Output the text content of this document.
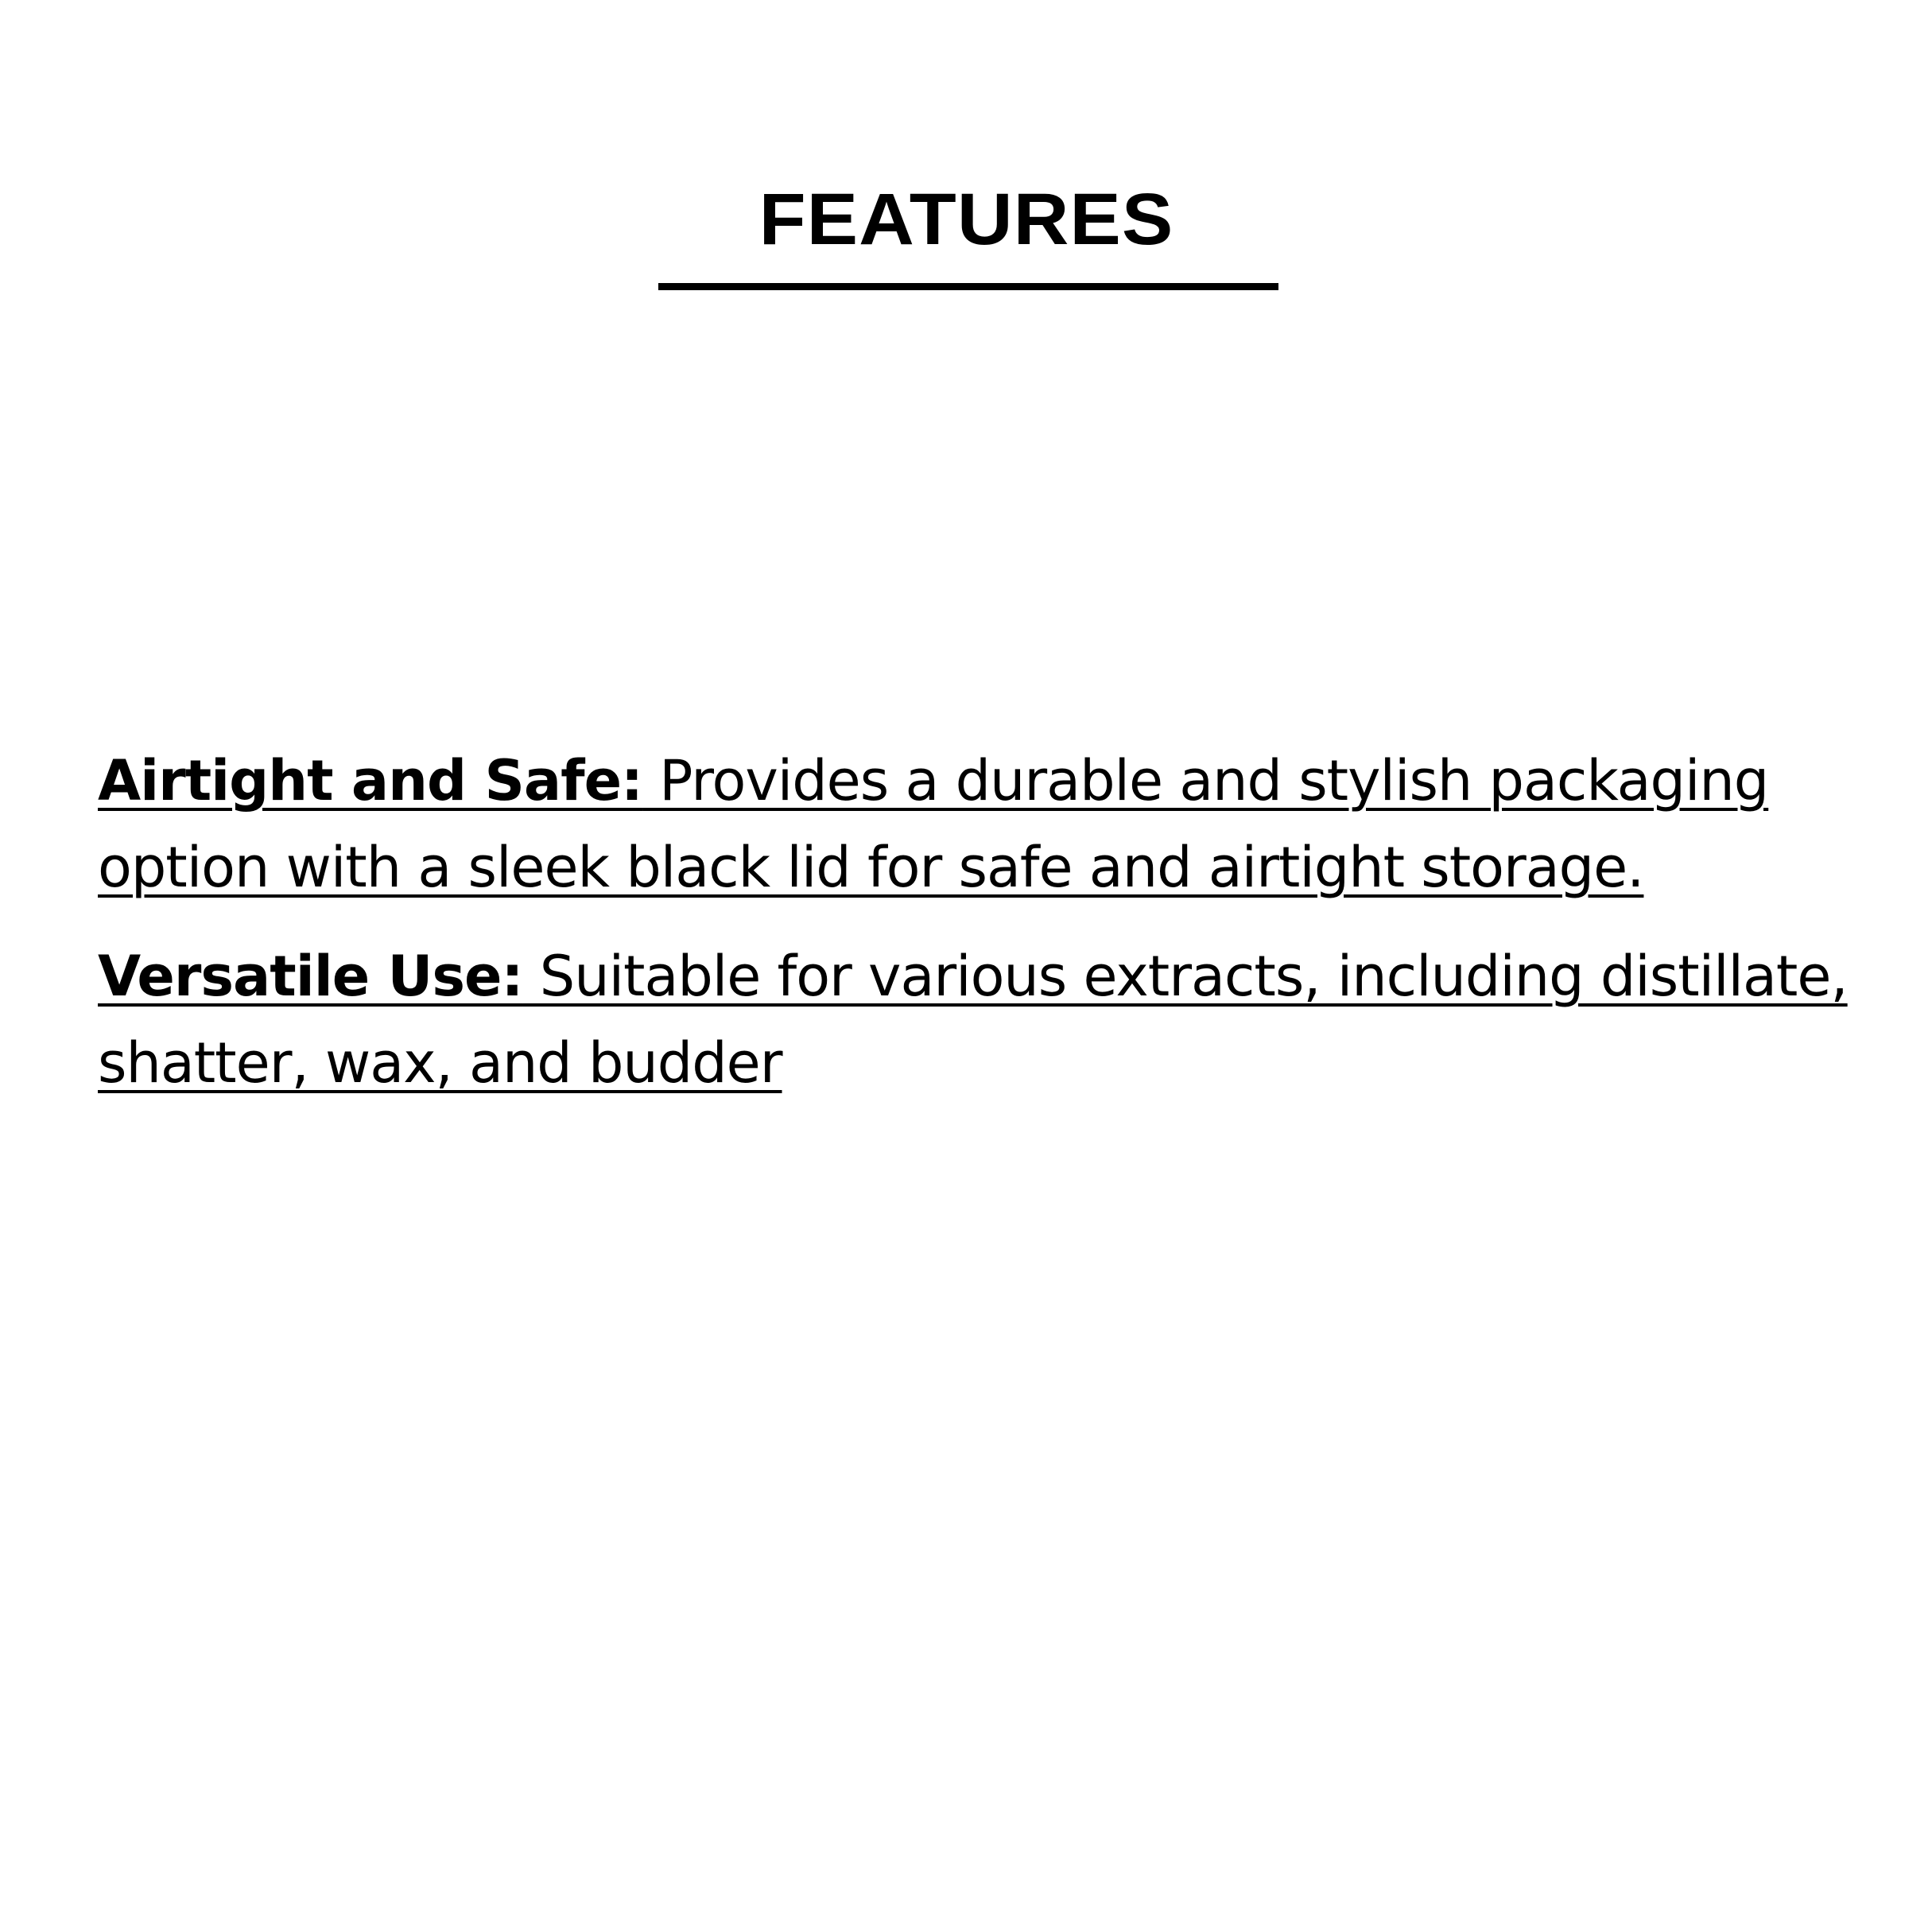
FEATURES

Airtight and Safe: Provides a durable and stylish packaging option with a sleek black lid for safe and airtight storage.

Versatile Use: Suitable for various extracts, including distillate, shatter, wax, and budder
